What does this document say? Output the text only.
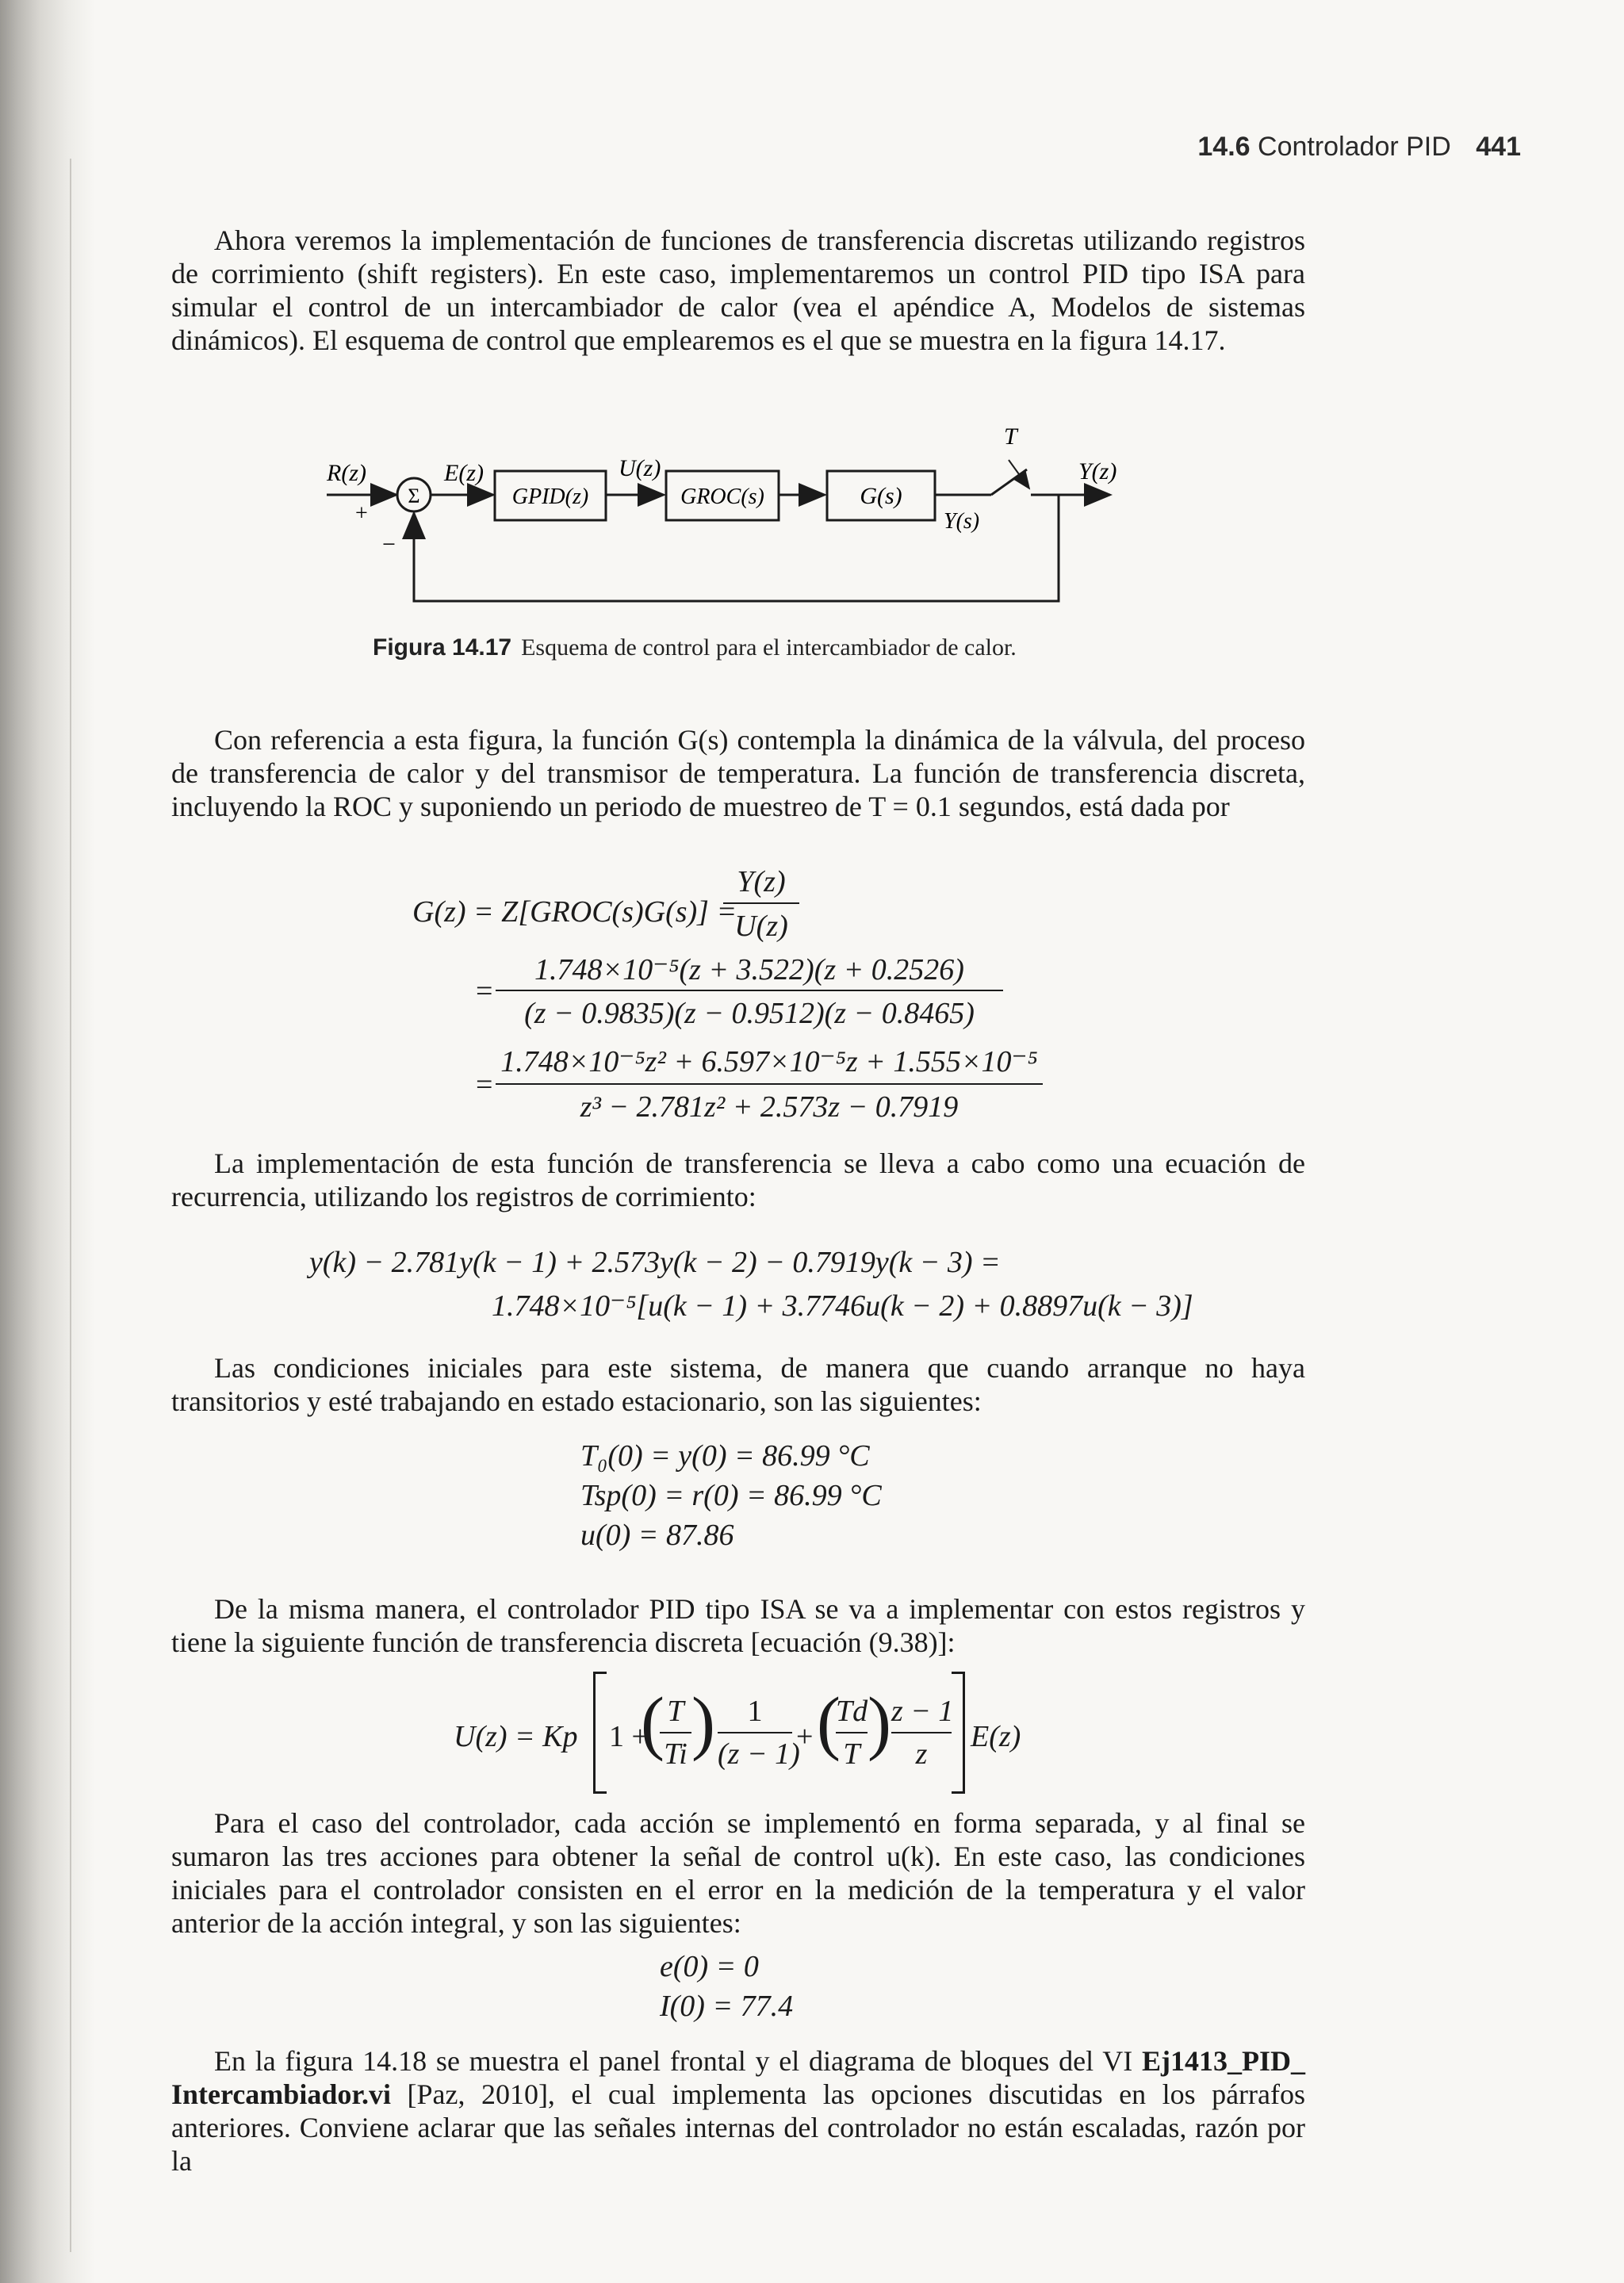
14.6 Controlador PID 441

Ahora veremos la implementación de funciones de transferencia discretas utilizando registros de corrimiento (shift registers). En este caso, implementaremos un control PID tipo ISA para simular el control de un intercambiador de calor (vea el apéndice A, Modelos de sistemas dinámicos). El esquema de control que emplearemos es el que se muestra en la figura 14.17.

R(z)
+
Σ
−
E(z)
GPID(z)
U(z)
GROC(s)	G(s)
Y(s)
T
Y(z)
Figura 14.17 Esquema de control para el intercambiador de calor.

Con referencia a esta figura, la función G(s) contempla la dinámica de la válvula, del proceso de transferencia de calor y del transmisor de temperatura. La función de transferencia discreta, incluyendo la ROC y suponiendo un periodo de muestreo de T = 0.1 segundos, está dada por

G(z) = Z[GROC(s)G(s)] =
Y(z)
U(z)
=
1.748×10⁻⁵(z + 3.522)(z + 0.2526)
(z − 0.9835)(z − 0.9512)(z − 0.8465)
=
1.748×10⁻⁵z² + 6.597×10⁻⁵z + 1.555×10⁻⁵
z³ − 2.781z² + 2.573z − 0.7919

La implementación de esta función de transferencia se lleva a cabo como una ecuación de recurrencia, utilizando los registros de corrimiento:

y(k) − 2.781y(k − 1) + 2.573y(k − 2) − 0.7919y(k − 3) =
1.748×10⁻⁵[u(k − 1) + 3.7746u(k − 2) + 0.8897u(k − 3)]

Las condiciones iniciales para este sistema, de manera que cuando arranque no haya transitorios y esté trabajando en estado estacionario, son las siguientes:

T₀(0) = y(0) = 86.99 °C
Tsp(0) = r(0) = 86.99 °C
u(0) = 87.86

De la misma manera, el controlador PID tipo ISA se va a implementar con estos registros y tiene la siguiente función de transferencia discreta [ecuación (9.38)]:

U(z) = Kp 1 +
( T
Ti )	1
(z − 1)
+ (
Td
T ) z − 1
z
E(z)

Para el caso del controlador, cada acción se implementó en forma separada, y al final se sumaron las tres acciones para obtener la señal de control u(k). En este caso, las condiciones iniciales para el controlador consisten en el error en la medición de la temperatura y el valor anterior de la acción integral, y son las siguientes:

e(0) = 0
I(0) = 77.4

En la figura 14.18 se muestra el panel frontal y el diagrama de bloques del VI Ej1413_PID_ Intercambiador.vi [Paz, 2010], el cual implementa las opciones discutidas en los párrafos anteriores. Conviene aclarar que las señales internas del controlador no están escaladas, razón por la
